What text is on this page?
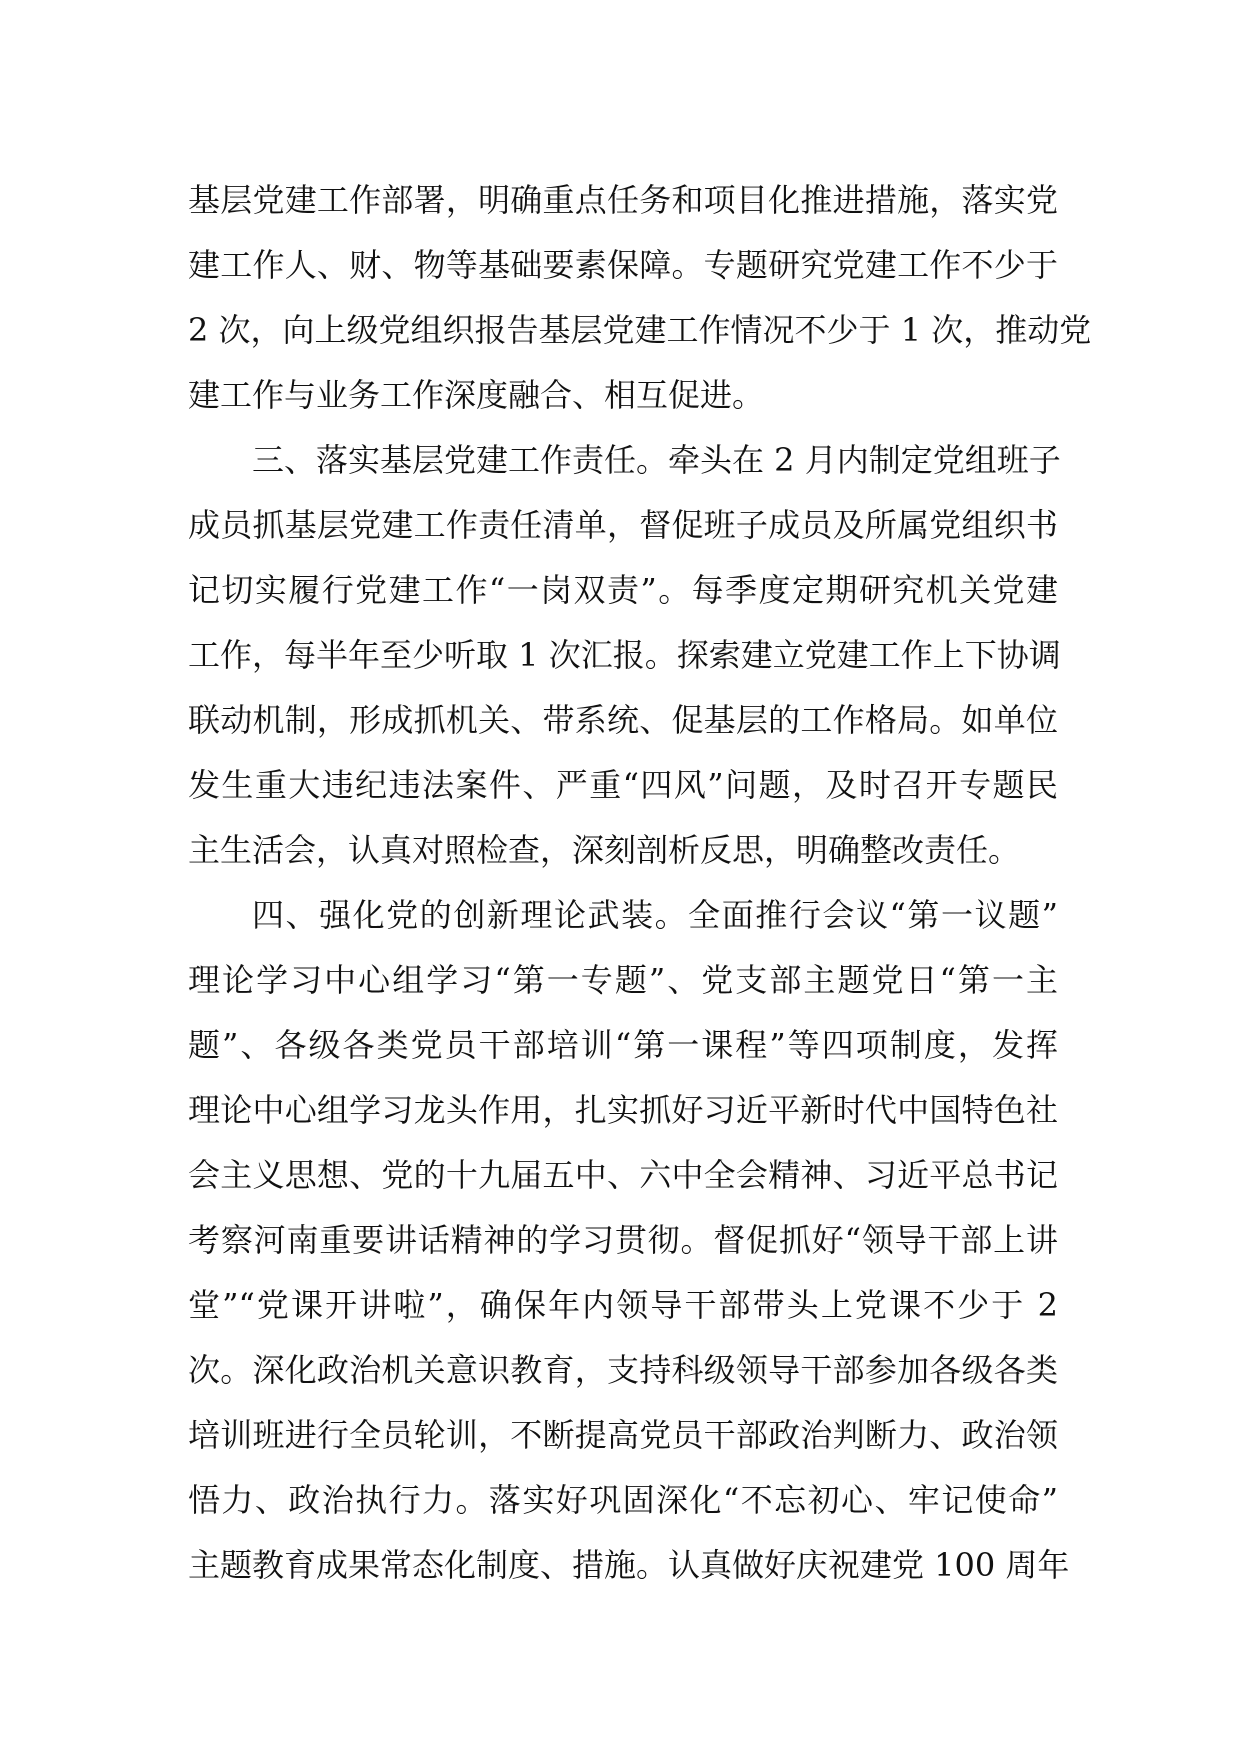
基层党建工作部署，明确重点任务和项目化推进措施，落实党
建工作人、财、物等基础要素保障。专题研究党建工作不少于
2 次，向上级党组织报告基层党建工作情况不少于 1 次，推动党
建工作与业务工作深度融合、相互促进。
三、落实基层党建工作责任。牵头在 2 月内制定党组班子
成员抓基层党建工作责任清单，督促班子成员及所属党组织书
记切实履行党建工作“一岗双责”。每季度定期研究机关党建
工作，每半年至少听取 1 次汇报。探索建立党建工作上下协调
联动机制，形成抓机关、带系统、促基层的工作格局。如单位
发生重大违纪违法案件、严重“四风”问题，及时召开专题民
主生活会，认真对照检查，深刻剖析反思，明确整改责任。
四、强化党的创新理论武装。全面推行会议“第一议题”
理论学习中心组学习“第一专题”、党支部主题党日“第一主
题”、各级各类党员干部培训“第一课程”等四项制度，发挥
理论中心组学习龙头作用，扎实抓好习近平新时代中国特色社
会主义思想、党的十九届五中、六中全会精神、习近平总书记
考察河南重要讲话精神的学习贯彻。督促抓好“领导干部上讲
堂”“党课开讲啦”，确保年内领导干部带头上党课不少于 2
次。深化政治机关意识教育，支持科级领导干部参加各级各类
培训班进行全员轮训，不断提高党员干部政治判断力、政治领
悟力、政治执行力。落实好巩固深化“不忘初心、牢记使命”
主题教育成果常态化制度、措施。认真做好庆祝建党 100 周年
